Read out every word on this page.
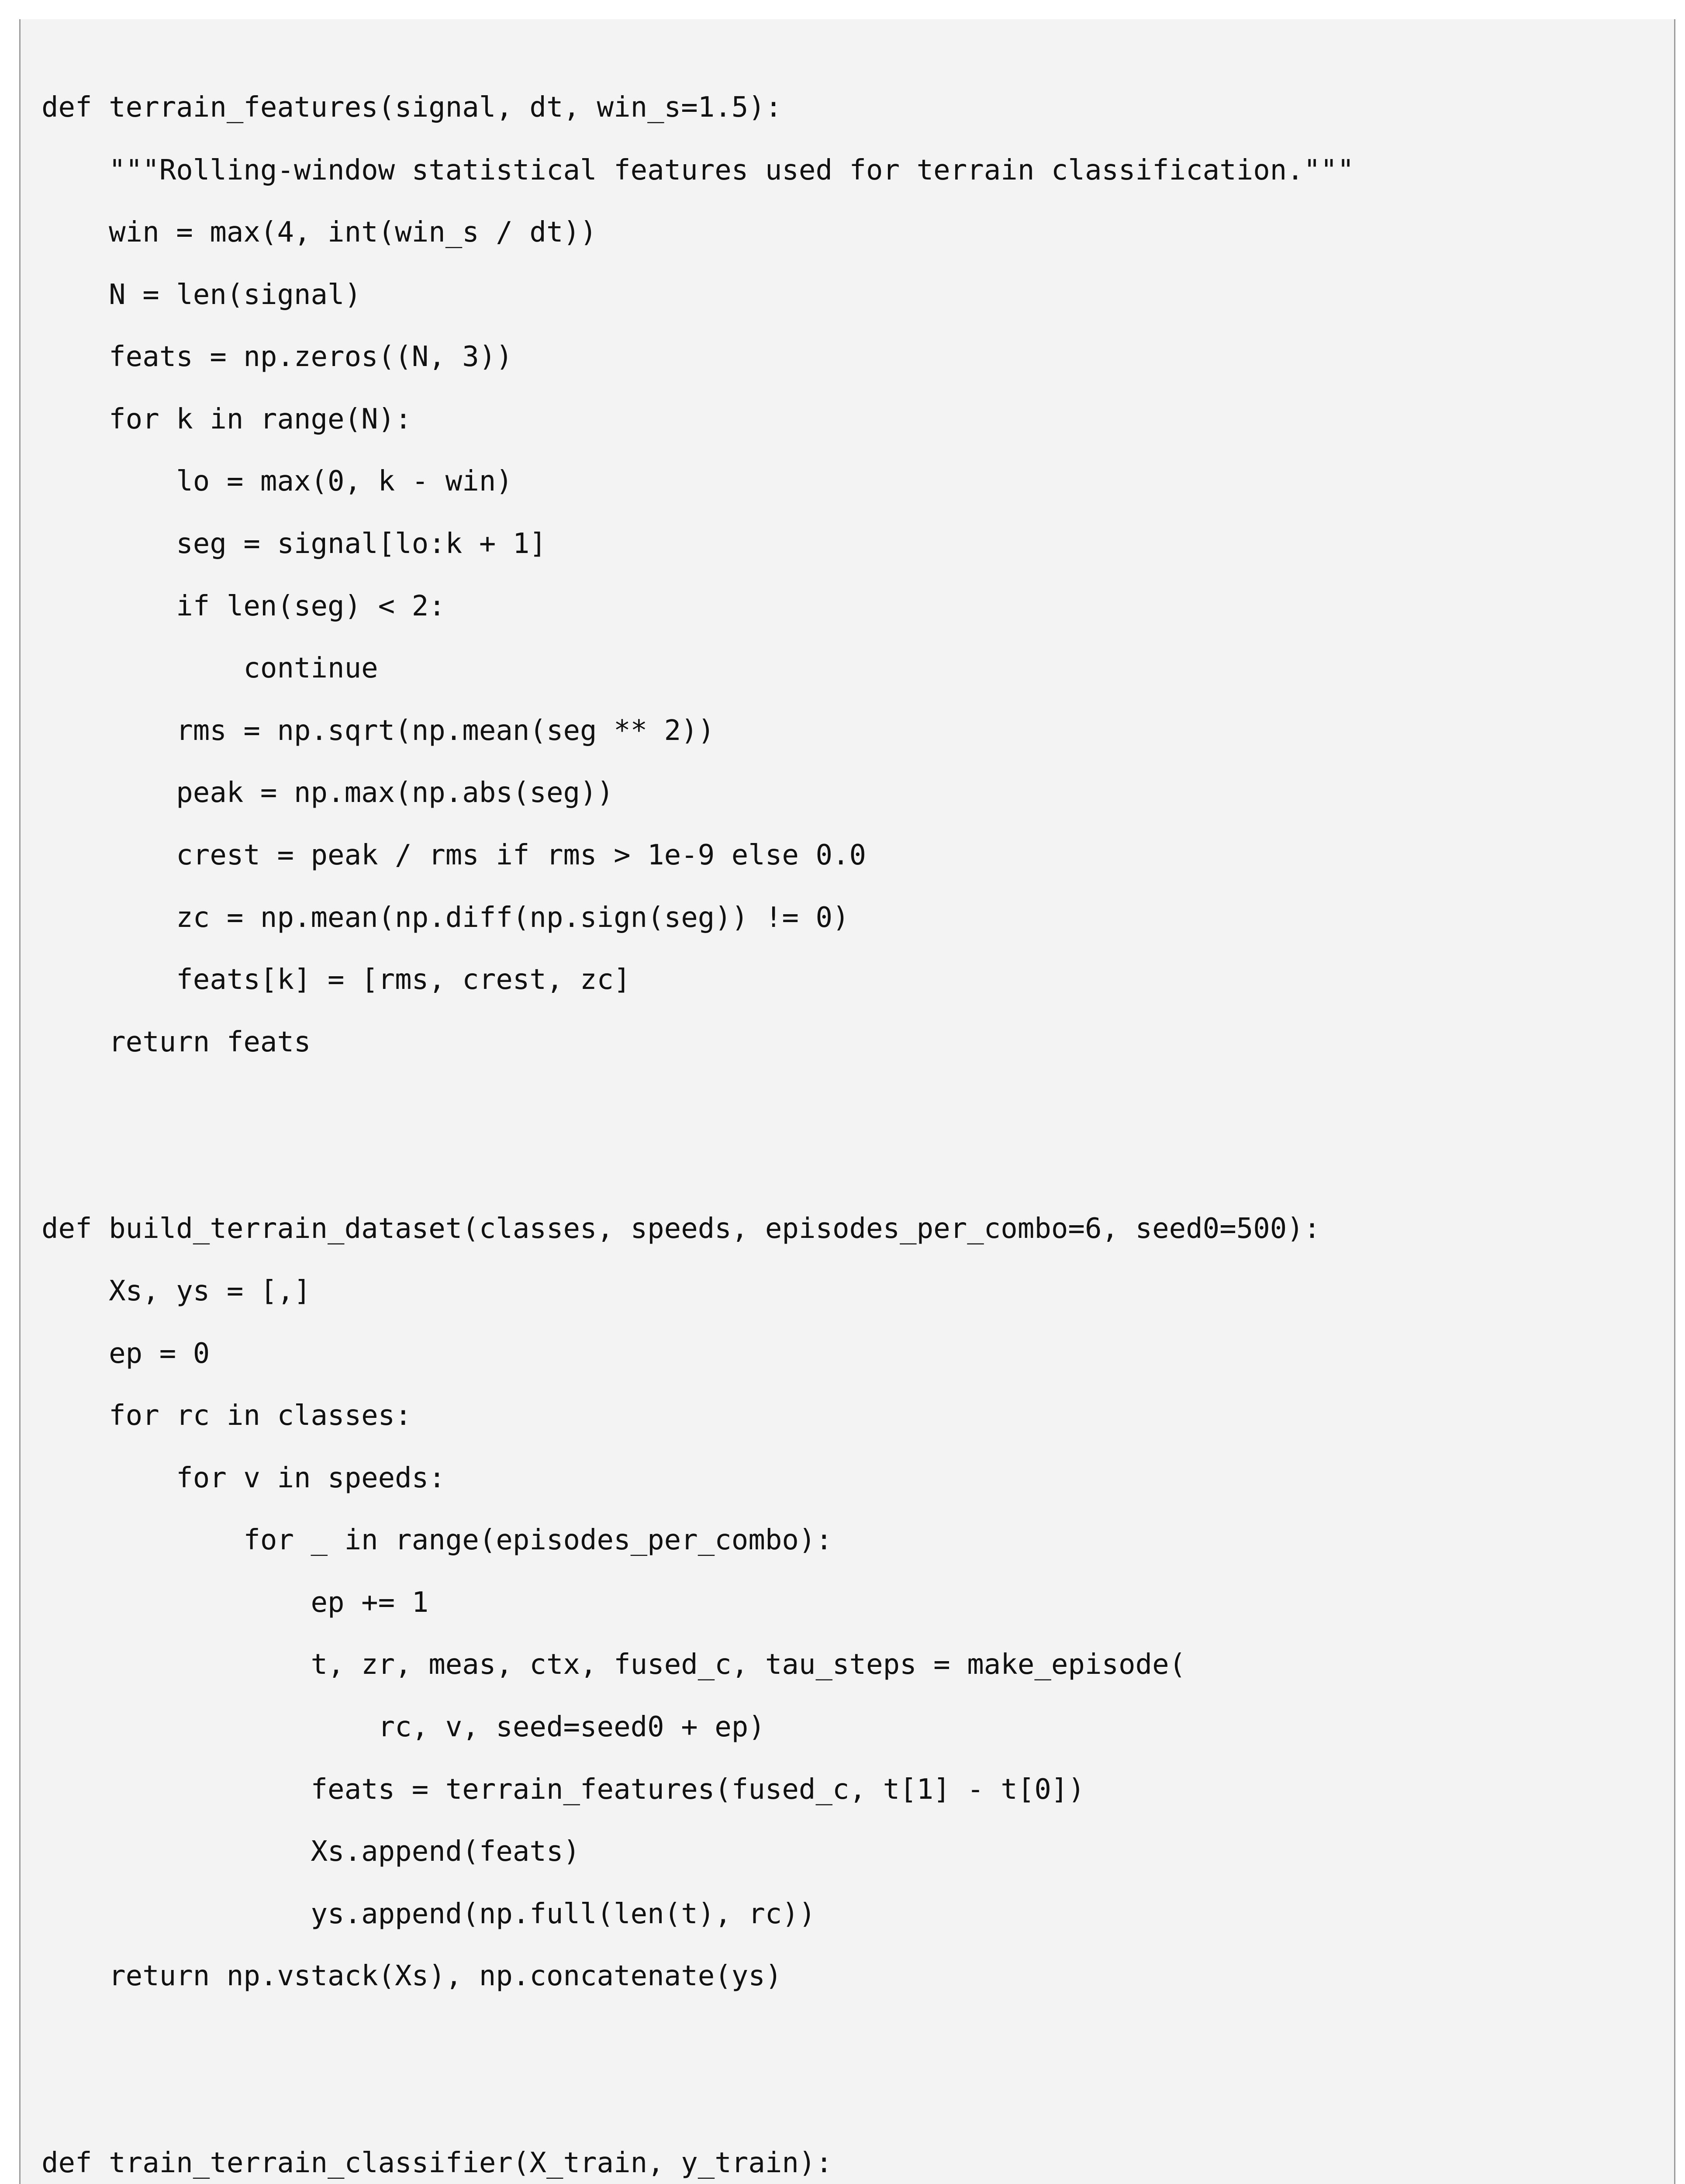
def terrain_features(signal, dt, win_s=1.5):
"""Rolling-window statistical features used for terrain classification."""
win = max(4, int(win_s / dt))
N = len(signal)
feats = np.zeros((N, 3))
for k in range(N):
lo = max(0, k - win)
seg = signal[lo:k + 1]
if len(seg) < 2:
continue
rms = np.sqrt(np.mean(seg ** 2))
peak = np.max(np.abs(seg))
crest = peak / rms if rms > 1e-9 else 0.0
zc = np.mean(np.diff(np.sign(seg)) != 0)
feats[k] = [rms, crest, zc]
return feats
def build_terrain_dataset(classes, speeds, episodes_per_combo=6, seed0=500):
Xs, ys = [,]
ep = 0
for rc in classes:
for v in speeds:
for _ in range(episodes_per_combo):
ep += 1
t, zr, meas, ctx, fused_c, tau_steps = make_episode(
rc, v, seed=seed0 + ep)
feats = terrain_features(fused_c, t[1] - t[0])
Xs.append(feats)
ys.append(np.full(len(t), rc))
return np.vstack(Xs), np.concatenate(ys)
def train_terrain_classifier(X_train, y_train):
